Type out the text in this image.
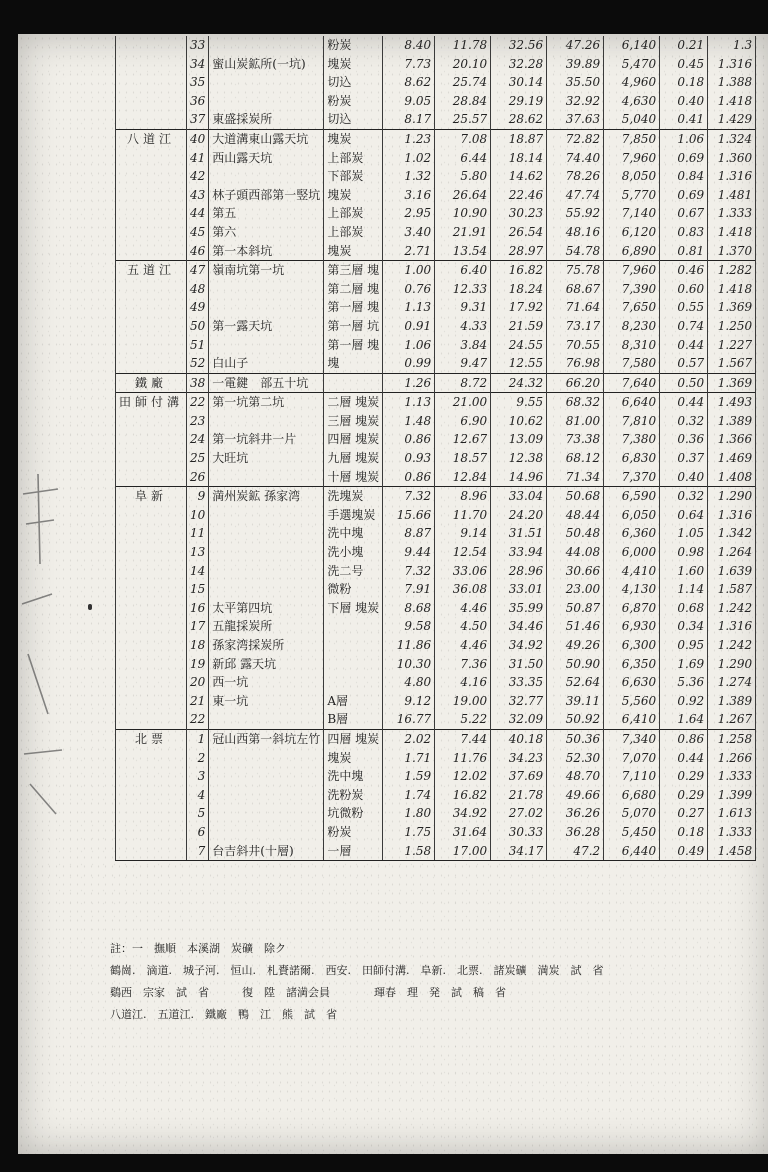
	33		粉炭	8.40	11.78	32.56	47.26	6,140	0.21	1.3
	34	蜜山炭鉱所(一坑)	塊炭	7.73	20.10	32.28	39.89	5,470	0.45	1.316
	35		切込	8.62	25.74	30.14	35.50	4,960	0.18	1.388
	36		粉炭	9.05	28.84	29.19	32.92	4,630	0.40	1.418
	37	東盛採炭所	切込	8.17	25.57	28.62	37.63	5,040	0.41	1.429
八道江	40	大道溝東山露天坑	塊炭	1.23	7.08	18.87	72.82	7,850	1.06	1.324
	41	西山露天坑	上部炭	1.02	6.44	18.14	74.40	7,960	0.69	1.360
	42		下部炭	1.32	5.80	14.62	78.26	8,050	0.84	1.316
	43	林子頭西部第一竪坑	塊炭	3.16	26.64	22.46	47.74	5,770	0.69	1.481
	44	第五	上部炭	2.95	10.90	30.23	55.92	7,140	0.67	1.333
	45	第六	上部炭	3.40	21.91	26.54	48.16	6,120	0.83	1.418
	46	第一本斜坑	塊炭	2.71	13.54	28.97	54.78	6,890	0.81	1.370
五道江	47	嶺南坑第一坑	第三層 塊	1.00	6.40	16.82	75.78	7,960	0.46	1.282
	48		第二層 塊	0.76	12.33	18.24	68.67	7,390	0.60	1.418
	49		第一層 塊	1.13	9.31	17.92	71.64	7,650	0.55	1.369
	50	第一露天坑	第一層 坑	0.91	4.33	21.59	73.17	8,230	0.74	1.250
	51		第一層 塊	1.06	3.84	24.55	70.55	8,310	0.44	1.227
	52	白山子	塊	0.99	9.47	12.55	76.98	7,580	0.57	1.567
鐵廠	38	一電鍵　部五十坑		1.26	8.72	24.32	66.20	7,640	0.50	1.369
田師付溝	22	第一坑第二坑	二層 塊炭	1.13	21.00	9.55	68.32	6,640	0.44	1.493
	23		三層 塊炭	1.48	6.90	10.62	81.00	7,810	0.32	1.389
	24	第一坑斜井一片	四層 塊炭	0.86	12.67	13.09	73.38	7,380	0.36	1.366
	25	大旺坑	九層 塊炭	0.93	18.57	12.38	68.12	6,830	0.37	1.469
	26		十層 塊炭	0.86	12.84	14.96	71.34	7,370	0.40	1.408
阜新	9	満州炭鉱 孫家湾	洗塊炭	7.32	8.96	33.04	50.68	6,590	0.32	1.290
	10		手選塊炭	15.66	11.70	24.20	48.44	6,050	0.64	1.316
	11		洗中塊	8.87	9.14	31.51	50.48	6,360	1.05	1.342
	13		洗小塊	9.44	12.54	33.94	44.08	6,000	0.98	1.264
	14		洗二号	7.32	33.06	28.96	30.66	4,410	1.60	1.639
	15		微粉	7.91	36.08	33.01	23.00	4,130	1.14	1.587
	16	太平第四坑	下層 塊炭	8.68	4.46	35.99	50.87	6,870	0.68	1.242
	17	五龍採炭所		9.58	4.50	34.46	51.46	6,930	0.34	1.316
	18	孫家湾採炭所		11.86	4.46	34.92	49.26	6,300	0.95	1.242
	19	新邱 露天坑		10.30	7.36	31.50	50.90	6,350	1.69	1.290
	20	西一坑		4.80	4.16	33.35	52.64	6,630	5.36	1.274
	21	東一坑	A層	9.12	19.00	32.77	39.11	5,560	0.92	1.389
	22		B層	16.77	5.22	32.09	50.92	6,410	1.64	1.267
北票	1	冠山西第一斜坑左竹	四層 塊炭	2.02	7.44	40.18	50.36	7,340	0.86	1.258
	2		塊炭	1.71	11.76	34.23	52.30	7,070	0.44	1.266
	3		洗中塊	1.59	12.02	37.69	48.70	7,110	0.29	1.333
	4		洗粉炭	1.74	16.82	21.78	49.66	6,680	0.29	1.399
	5		坑微粉	1.80	34.92	27.02	36.26	5,070	0.27	1.613
	6		粉炭	1.75	31.64	30.33	36.28	5,450	0.18	1.333
	7	台吉斜井(十層)	一層	1.58	17.00	34.17	47.2	6,440	0.49	1.458
註：一　撫順　本溪湖　炭礦　除ク
鶴崗.　滴道.　城子河.　恒山.　札賚諾爾.　西安.　田師付溝.　阜新.　北票.　諸炭礦　満炭　試　省
鷄西　宗家　試　省　　　復　陞　諸満会員　　　　琿春　理　発　試　稿　省
八道江.　五道江.　鐵廠　鴨　江　熊　試　省
